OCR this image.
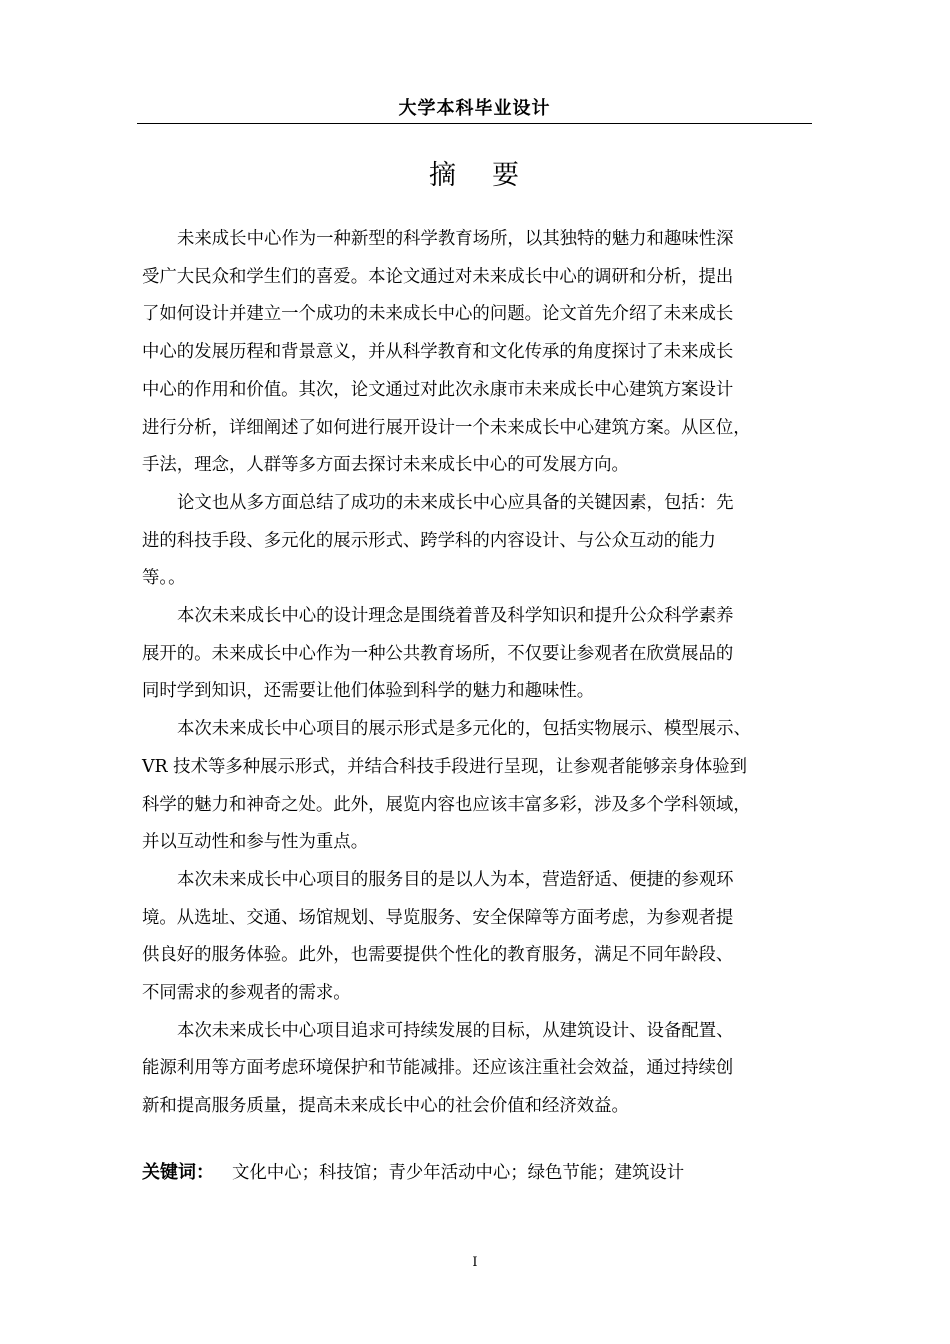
大学本科毕业设计
摘 要

未来成长中心作为一种新型的科学教育场所，以其独特的魅力和趣味性深
受广大民众和学生们的喜爱。本论文通过对未来成长中心的调研和分析，提出
了如何设计并建立一个成功的未来成长中心的问题。论文首先介绍了未来成长
中心的发展历程和背景意义，并从科学教育和文化传承的角度探讨了未来成长
中心的作用和价值。其次，论文通过对此次永康市未来成长中心建筑方案设计
进行分析，详细阐述了如何进行展开设计一个未来成长中心建筑方案。从区位，
手法，理念，人群等多方面去探讨未来成长中心的可发展方向。

论文也从多方面总结了成功的未来成长中心应具备的关键因素，包括：先
进的科技手段、多元化的展示形式、跨学科的内容设计、与公众互动的能力
等。。

本次未来成长中心的设计理念是围绕着普及科学知识和提升公众科学素养
展开的。未来成长中心作为一种公共教育场所，不仅要让参观者在欣赏展品的
同时学到知识，还需要让他们体验到科学的魅力和趣味性。

本次未来成长中心项目的展示形式是多元化的，包括实物展示、模型展示、
VR 技术等多种展示形式，并结合科技手段进行呈现，让参观者能够亲身体验到
科学的魅力和神奇之处。此外，展览内容也应该丰富多彩，涉及多个学科领域，
并以互动性和参与性为重点。

本次未来成长中心项目的服务目的是以人为本，营造舒适、便捷的参观环
境。从选址、交通、场馆规划、导览服务、安全保障等方面考虑，为参观者提
供良好的服务体验。此外，也需要提供个性化的教育服务，满足不同年龄段、
不同需求的参观者的需求。

本次未来成长中心项目追求可持续发展的目标，从建筑设计、设备配置、
能源利用等方面考虑环境保护和节能减排。还应该注重社会效益，通过持续创
新和提高服务质量，提高未来成长中心的社会价值和经济效益。

关键词： 文化中心；科技馆；青少年活动中心；绿色节能；建筑设计
I
